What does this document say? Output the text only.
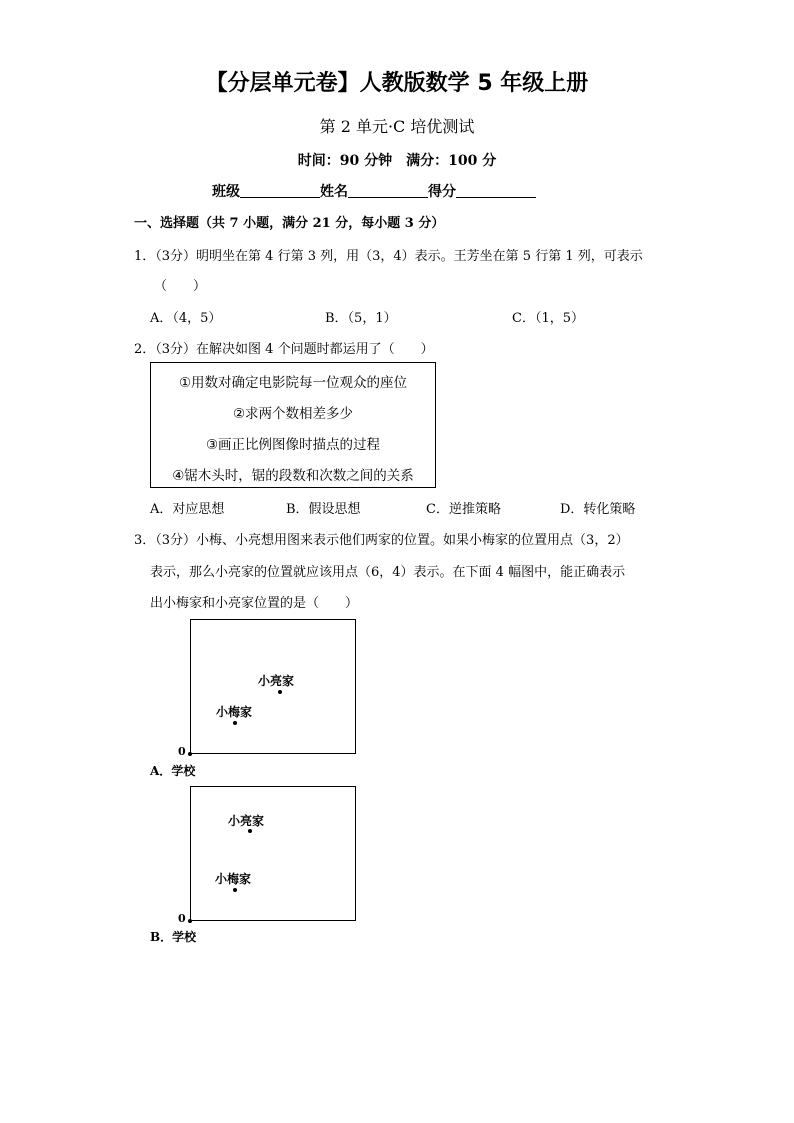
【分层单元卷】人教版数学 5 年级上册
第 2 单元·C 培优测试
时间：90 分钟　满分：100 分
班级	姓名	得分
一、选择题（共 7 小题，满分 21 分，每小题 3 分）
1．（3分）明明坐在第 4 行第 3 列，用（3，4）表示。王芳坐在第 5 行第 1 列，可表示
（　　）
A．（4，5）	B．（5，1）	C．（1，5）
2．（3分）在解决如图 4 个问题时都运用了（　　）
①用数对确定电影院每一位观众的座位
②求两个数相差多少
③画正比例图像时描点的过程
④锯木头时，锯的段数和次数之间的关系
A．对应思想	B．假设思想	C．逆推策略	D．转化策略
3．（3分）小梅、小亮想用图来表示他们两家的位置。如果小梅家的位置用点（3，2）
表示，那么小亮家的位置就应该用点（6，4）表示。在下面 4 幅图中，能正确表示
出小梅家和小亮家位置的是（　　）
小亮家
小梅家
0
A．学校
小亮家
小梅家
0
B．学校
